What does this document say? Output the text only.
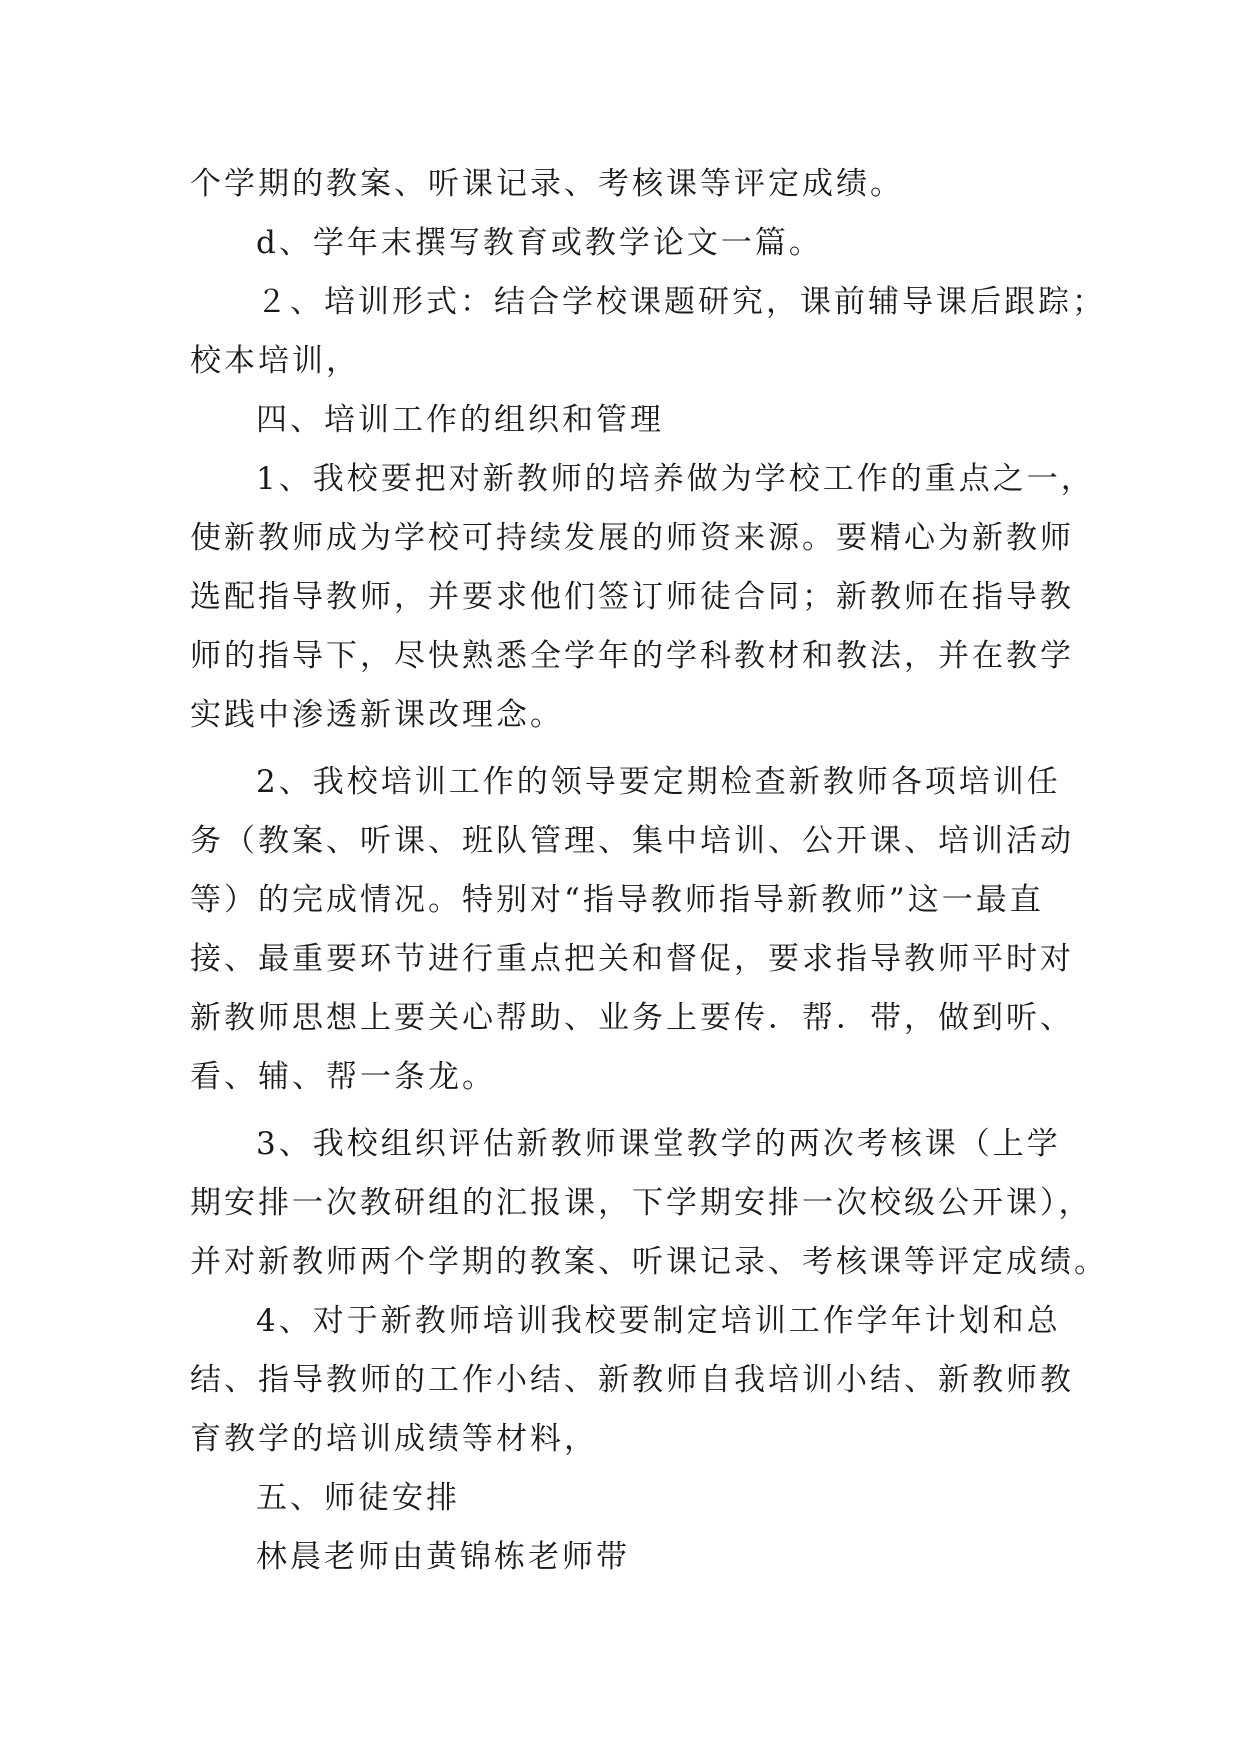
个学期的教案、听课记录、考核课等评定成绩。

d、学年末撰写教育或教学论文一篇。

２、培训形式：结合学校课题研究，课前辅导课后跟踪；

校本培训，

四、培训工作的组织和管理

1、我校要把对新教师的培养做为学校工作的重点之一，

使新教师成为学校可持续发展的师资来源。要精心为新教师

选配指导教师，并要求他们签订师徒合同；新教师在指导教

师的指导下，尽快熟悉全学年的学科教材和教法，并在教学

实践中渗透新课改理念。

2、我校培训工作的领导要定期检查新教师各项培训任

务（教案、听课、班队管理、集中培训、公开课、培训活动

等）的完成情况。特别对“指导教师指导新教师”这一最直

接、最重要环节进行重点把关和督促，要求指导教师平时对

新教师思想上要关心帮助、业务上要传．帮．带，做到听、

看、辅、帮一条龙。

3、我校组织评估新教师课堂教学的两次考核课（上学

期安排一次教研组的汇报课，下学期安排一次校级公开课），

并对新教师两个学期的教案、听课记录、考核课等评定成绩。

4、对于新教师培训我校要制定培训工作学年计划和总

结、指导教师的工作小结、新教师自我培训小结、新教师教

育教学的培训成绩等材料，

五、师徒安排

林晨老师由黄锦栋老师带
